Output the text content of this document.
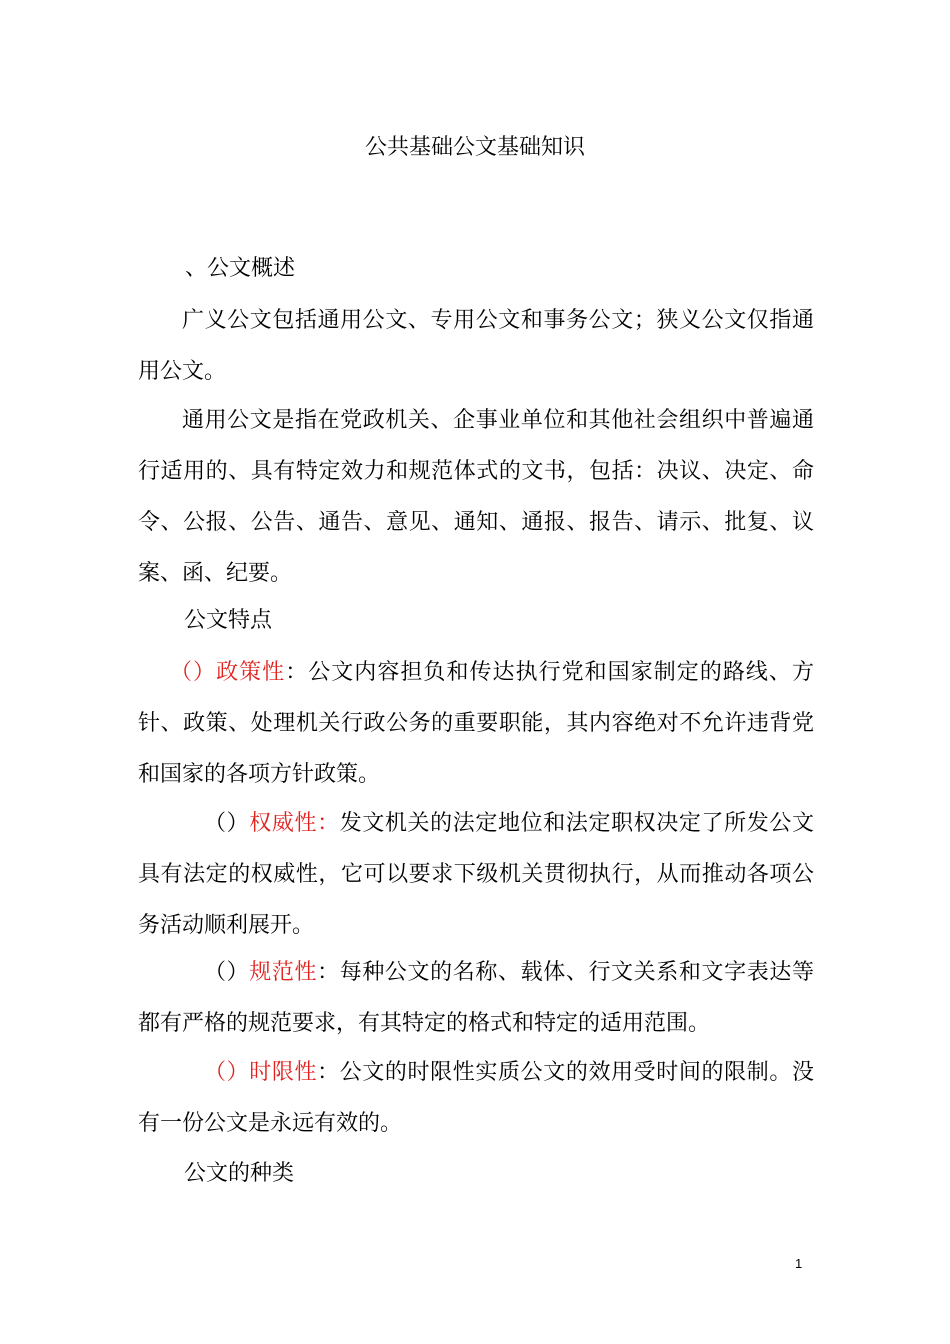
公共基础公文基础知识
、公文概述

广义公文包括通用公文、专用公文和事务公文；狭义公文仅指通用公文。

通用公文是指在党政机关、企事业单位和其他社会组织中普遍通行适用的、具有特定效力和规范体式的文书，包括：决议、决定、命令、公报、公告、通告、意见、通知、通报、报告、请示、批复、议案、函、纪要。

公文特点

（）政策性：公文内容担负和传达执行党和国家制定的路线、方针、政策、处理机关行政公务的重要职能，其内容绝对不允许违背党和国家的各项方针政策。

（）权威性：发文机关的法定地位和法定职权决定了所发公文具有法定的权威性，它可以要求下级机关贯彻执行，从而推动各项公务活动顺利展开。

（）规范性：每种公文的名称、载体、行文关系和文字表达等都有严格的规范要求，有其特定的格式和特定的适用范围。

（）时限性：公文的时限性实质公文的效用受时间的限制。没有一份公文是永远有效的。

公文的种类
1
